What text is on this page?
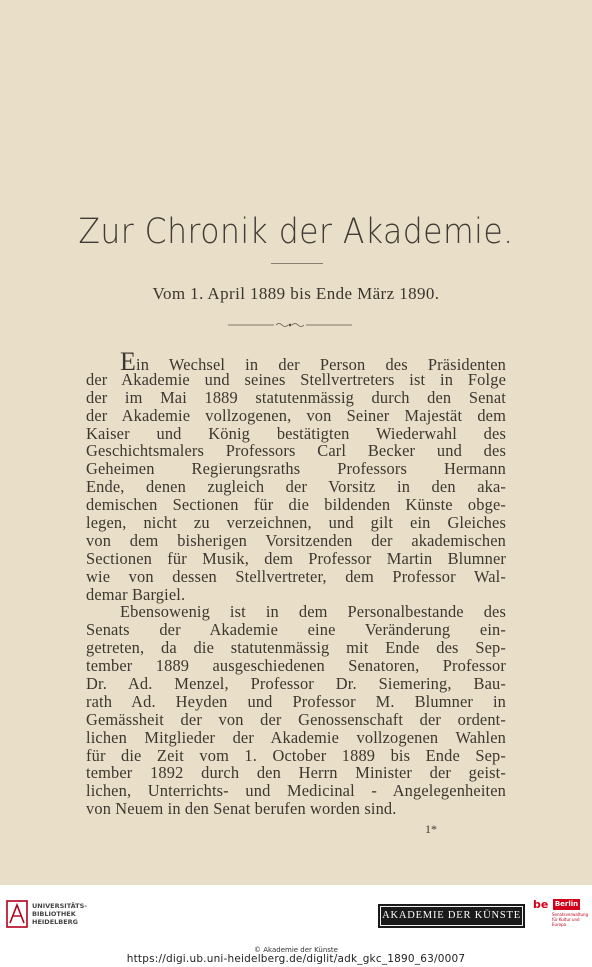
Zur Chronik der Akademie.
Vom 1. April 1889 bis Ende März 1890.
Ein Wechsel in der Person des Präsidenten
der Akademie und seines Stellvertreters ist in Folge
der im Mai 1889 statutenmässig durch den Senat
der Akademie vollzogenen, von Seiner Majestät dem
Kaiser und König bestätigten Wiederwahl des
Geschichtsmalers Professors Carl Becker und des
Geheimen Regierungsraths Professors Hermann
Ende, denen zugleich der Vorsitz in den aka-
demischen Sectionen für die bildenden Künste obge-
legen, nicht zu verzeichnen, und gilt ein Gleiches
von dem bisherigen Vorsitzenden der akademischen
Sectionen für Musik, dem Professor Martin Blumner
wie von dessen Stellvertreter, dem Professor Wal-
demar Bargiel.
Ebensowenig ist in dem Personalbestande des
Senats der Akademie eine Veränderung ein-
getreten, da die statutenmässig mit Ende des Sep-
tember 1889 ausgeschiedenen Senatoren, Professor
Dr. Ad. Menzel, Professor Dr. Siemering, Bau-
rath Ad. Heyden und Professor M. Blumner in
Gemässheit der von der Genossenschaft der ordent-
lichen Mitglieder der Akademie vollzogenen Wahlen
für die Zeit vom 1. October 1889 bis Ende Sep-
tember 1892 durch den Herrn Minister der geist-
lichen, Unterrichts- und Medicinal - Angelegenheiten
von Neuem in den Senat berufen worden sind.
1*
UNIVERSITÄTS-
BIBLIOTHEK
HEIDELBERG
AKADEMIE DER KÜNSTE
be Berlin
Senatsverwaltung für Kultur und Europa
© Akademie der Künste
https://digi.ub.uni-heidelberg.de/diglit/adk_gkc_1890_63/0007
